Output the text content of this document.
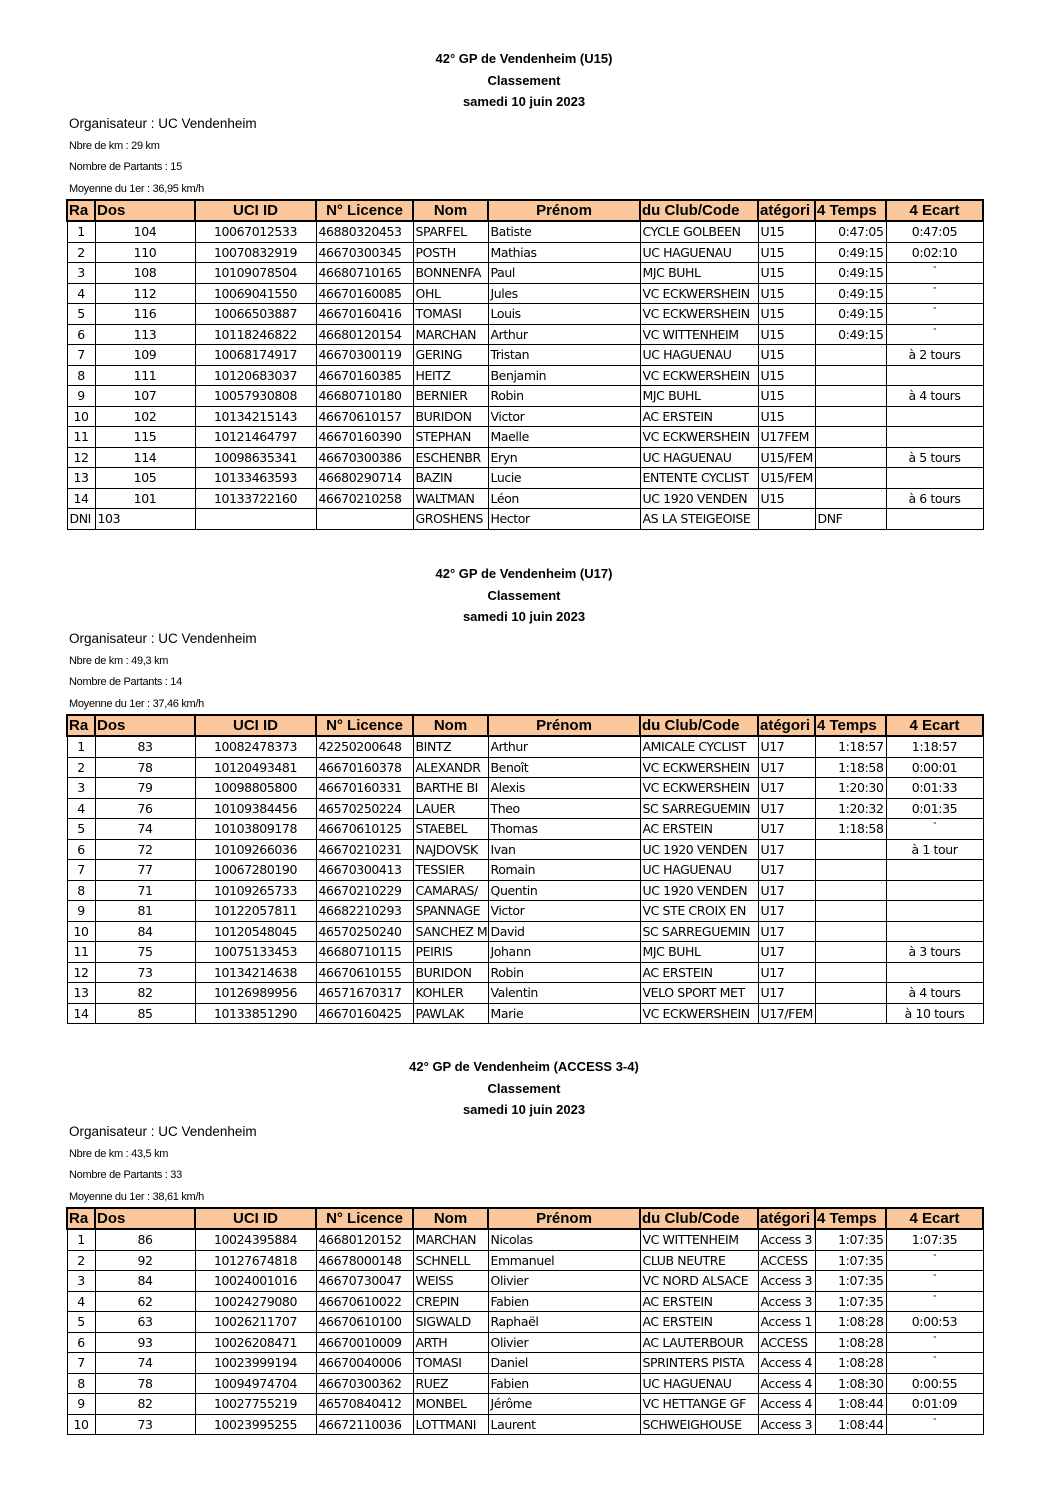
42° GP de Vendenheim (U15)
Classement
samedi 10 juin 2023
Organisateur : UC Vendenheim
Nbre de km : 29 km
Nombre de Partants : 15
Moyenne du 1er : 36,95 km/h
Ra	Dos	UCI ID	N° Licence	Nom	Prénom	du Club/Code	atégori	4 Temps	4 Ecart
1	104	10067012533	46880320453	SPARFEL	Batiste	CYCLE GOLBEEN	U15	0:47:05	0:47:05
2	110	10070832919	46670300345	POSTH	Mathias	UC HAGUENAU	U15	0:49:15	0:02:10
3	108	10109078504	46680710165	BONNENFA	Paul	MJC BUHL	U15	0:49:15	''
4	112	10069041550	46670160085	OHL	Jules	VC ECKWERSHEIN	U15	0:49:15	''
5	116	10066503887	46670160416	TOMASI	Louis	VC ECKWERSHEIN	U15	0:49:15	''
6	113	10118246822	46680120154	MARCHAN	Arthur	VC WITTENHEIM	U15	0:49:15	''
7	109	10068174917	46670300119	GERING	Tristan	UC HAGUENAU	U15		à 2 tours
8	111	10120683037	46670160385	HEITZ	Benjamin	VC ECKWERSHEIN	U15		
9	107	10057930808	46680710180	BERNIER	Robin	MJC BUHL	U15		à 4 tours
10	102	10134215143	46670610157	BURIDON	Victor	AC ERSTEIN	U15		
11	115	10121464797	46670160390	STEPHAN	Maelle	VC ECKWERSHEIN	U17FEM		
12	114	10098635341	46670300386	ESCHENBR	Eryn	UC HAGUENAU	U15/FEM		à 5 tours
13	105	10133463593	46680290714	BAZIN	Lucie	ENTENTE CYCLIST	U15/FEM		
14	101	10133722160	46670210258	WALTMAN	Léon	UC 1920 VENDEN	U15		à 6 tours
DNI	103			GROSHENS	Hector	AS LA STEIGEOISE		DNF	
42° GP de Vendenheim (U17)
Classement
samedi 10 juin 2023
Organisateur : UC Vendenheim
Nbre de km : 49,3 km
Nombre de Partants : 14
Moyenne du 1er : 37,46 km/h
Ra	Dos	UCI ID	N° Licence	Nom	Prénom	du Club/Code	atégori	4 Temps	4 Ecart
1	83	10082478373	42250200648	BINTZ	Arthur	AMICALE CYCLIST	U17	1:18:57	1:18:57
2	78	10120493481	46670160378	ALEXANDR	Benoît	VC ECKWERSHEIN	U17	1:18:58	0:00:01
3	79	10098805800	46670160331	BARTHE BI	Alexis	VC ECKWERSHEIN	U17	1:20:30	0:01:33
4	76	10109384456	46570250224	LAUER	Theo	SC SARREGUEMIN	U17	1:20:32	0:01:35
5	74	10103809178	46670610125	STAEBEL	Thomas	AC ERSTEIN	U17	1:18:58	''
6	72	10109266036	46670210231	NAJDOVSK	Ivan	UC 1920 VENDEN	U17		à 1 tour
7	77	10067280190	46670300413	TESSIER	Romain	UC HAGUENAU	U17		
8	71	10109265733	46670210229	CAMARAS/	Quentin	UC 1920 VENDEN	U17		
9	81	10122057811	46682210293	SPANNAGE	Victor	VC STE CROIX EN	U17		
10	84	10120548045	46570250240	SANCHEZ M	David	SC SARREGUEMIN	U17		
11	75	10075133453	46680710115	PEIRIS	Johann	MJC BUHL	U17		à 3 tours
12	73	10134214638	46670610155	BURIDON	Robin	AC ERSTEIN	U17		
13	82	10126989956	46571670317	KOHLER	Valentin	VELO SPORT MET	U17		à 4 tours
14	85	10133851290	46670160425	PAWLAK	Marie	VC ECKWERSHEIN	U17/FEM		à 10 tours
42° GP de Vendenheim (ACCESS 3-4)
Classement
samedi 10 juin 2023
Organisateur : UC Vendenheim
Nbre de km : 43,5 km
Nombre de Partants : 33
Moyenne du 1er : 38,61 km/h
Ra	Dos	UCI ID	N° Licence	Nom	Prénom	du Club/Code	atégori	4 Temps	4 Ecart
1	86	10024395884	46680120152	MARCHAN	Nicolas	VC WITTENHEIM	Access 3	1:07:35	1:07:35
2	92	10127674818	46678000148	SCHNELL	Emmanuel	CLUB NEUTRE	ACCESS	1:07:35	''
3	84	10024001016	46670730047	WEISS	Olivier	VC NORD ALSACE	Access 3	1:07:35	''
4	62	10024279080	46670610022	CREPIN	Fabien	AC ERSTEIN	Access 3	1:07:35	''
5	63	10026211707	46670610100	SIGWALD	Raphaël	AC ERSTEIN	Access 1	1:08:28	0:00:53
6	93	10026208471	46670010009	ARTH	Olivier	AC LAUTERBOUR	ACCESS	1:08:28	''
7	74	10023999194	46670040006	TOMASI	Daniel	SPRINTERS PISTA	Access 4	1:08:28	''
8	78	10094974704	46670300362	RUEZ	Fabien	UC HAGUENAU	Access 4	1:08:30	0:00:55
9	82	10027755219	46570840412	MONBEL	Jérôme	VC HETTANGE GF	Access 4	1:08:44	0:01:09
10	73	10023995255	46672110036	LOTTMANI	Laurent	SCHWEIGHOUSE	Access 3	1:08:44	''
